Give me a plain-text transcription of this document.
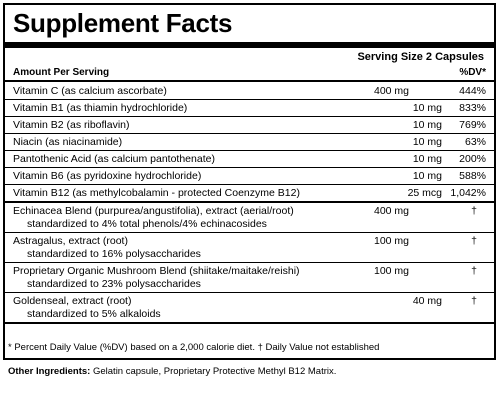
Supplement Facts
Serving Size 2 Capsules
Amount Per Serving	%DV*
Vitamin C (as calcium ascorbate)	400 mg	444%
Vitamin B1 (as thiamin hydrochloride)	10 mg	833%
Vitamin B2 (as riboflavin)	10 mg	769%
Niacin (as niacinamide)	10 mg	63%
Pantothenic Acid (as calcium pantothenate)	10 mg	200%
Vitamin B6 (as pyridoxine hydrochloride)	10 mg	588%
Vitamin B12 (as methylcobalamin - protected Coenzyme B12)	25 mcg 1,042%
Echinacea Blend (purpurea/angustifolia), extract (aerial/root)
standardized to 4% total phenols/4% echinacosides
400 mg	†
Astragalus, extract (root)
standardized to 16% polysaccharides
100 mg	†
Proprietary Organic Mushroom Blend (shiitake/maitake/reishi)
standardized to 23% polysaccharides
100 mg	†
Goldenseal, extract (root)
standardized to 5% alkaloids
40 mg	†
* Percent Daily Value (%DV) based on a 2,000 calorie diet. † Daily Value not established
Other Ingredients: Gelatin capsule, Proprietary Protective Methyl B12 Matrix.
